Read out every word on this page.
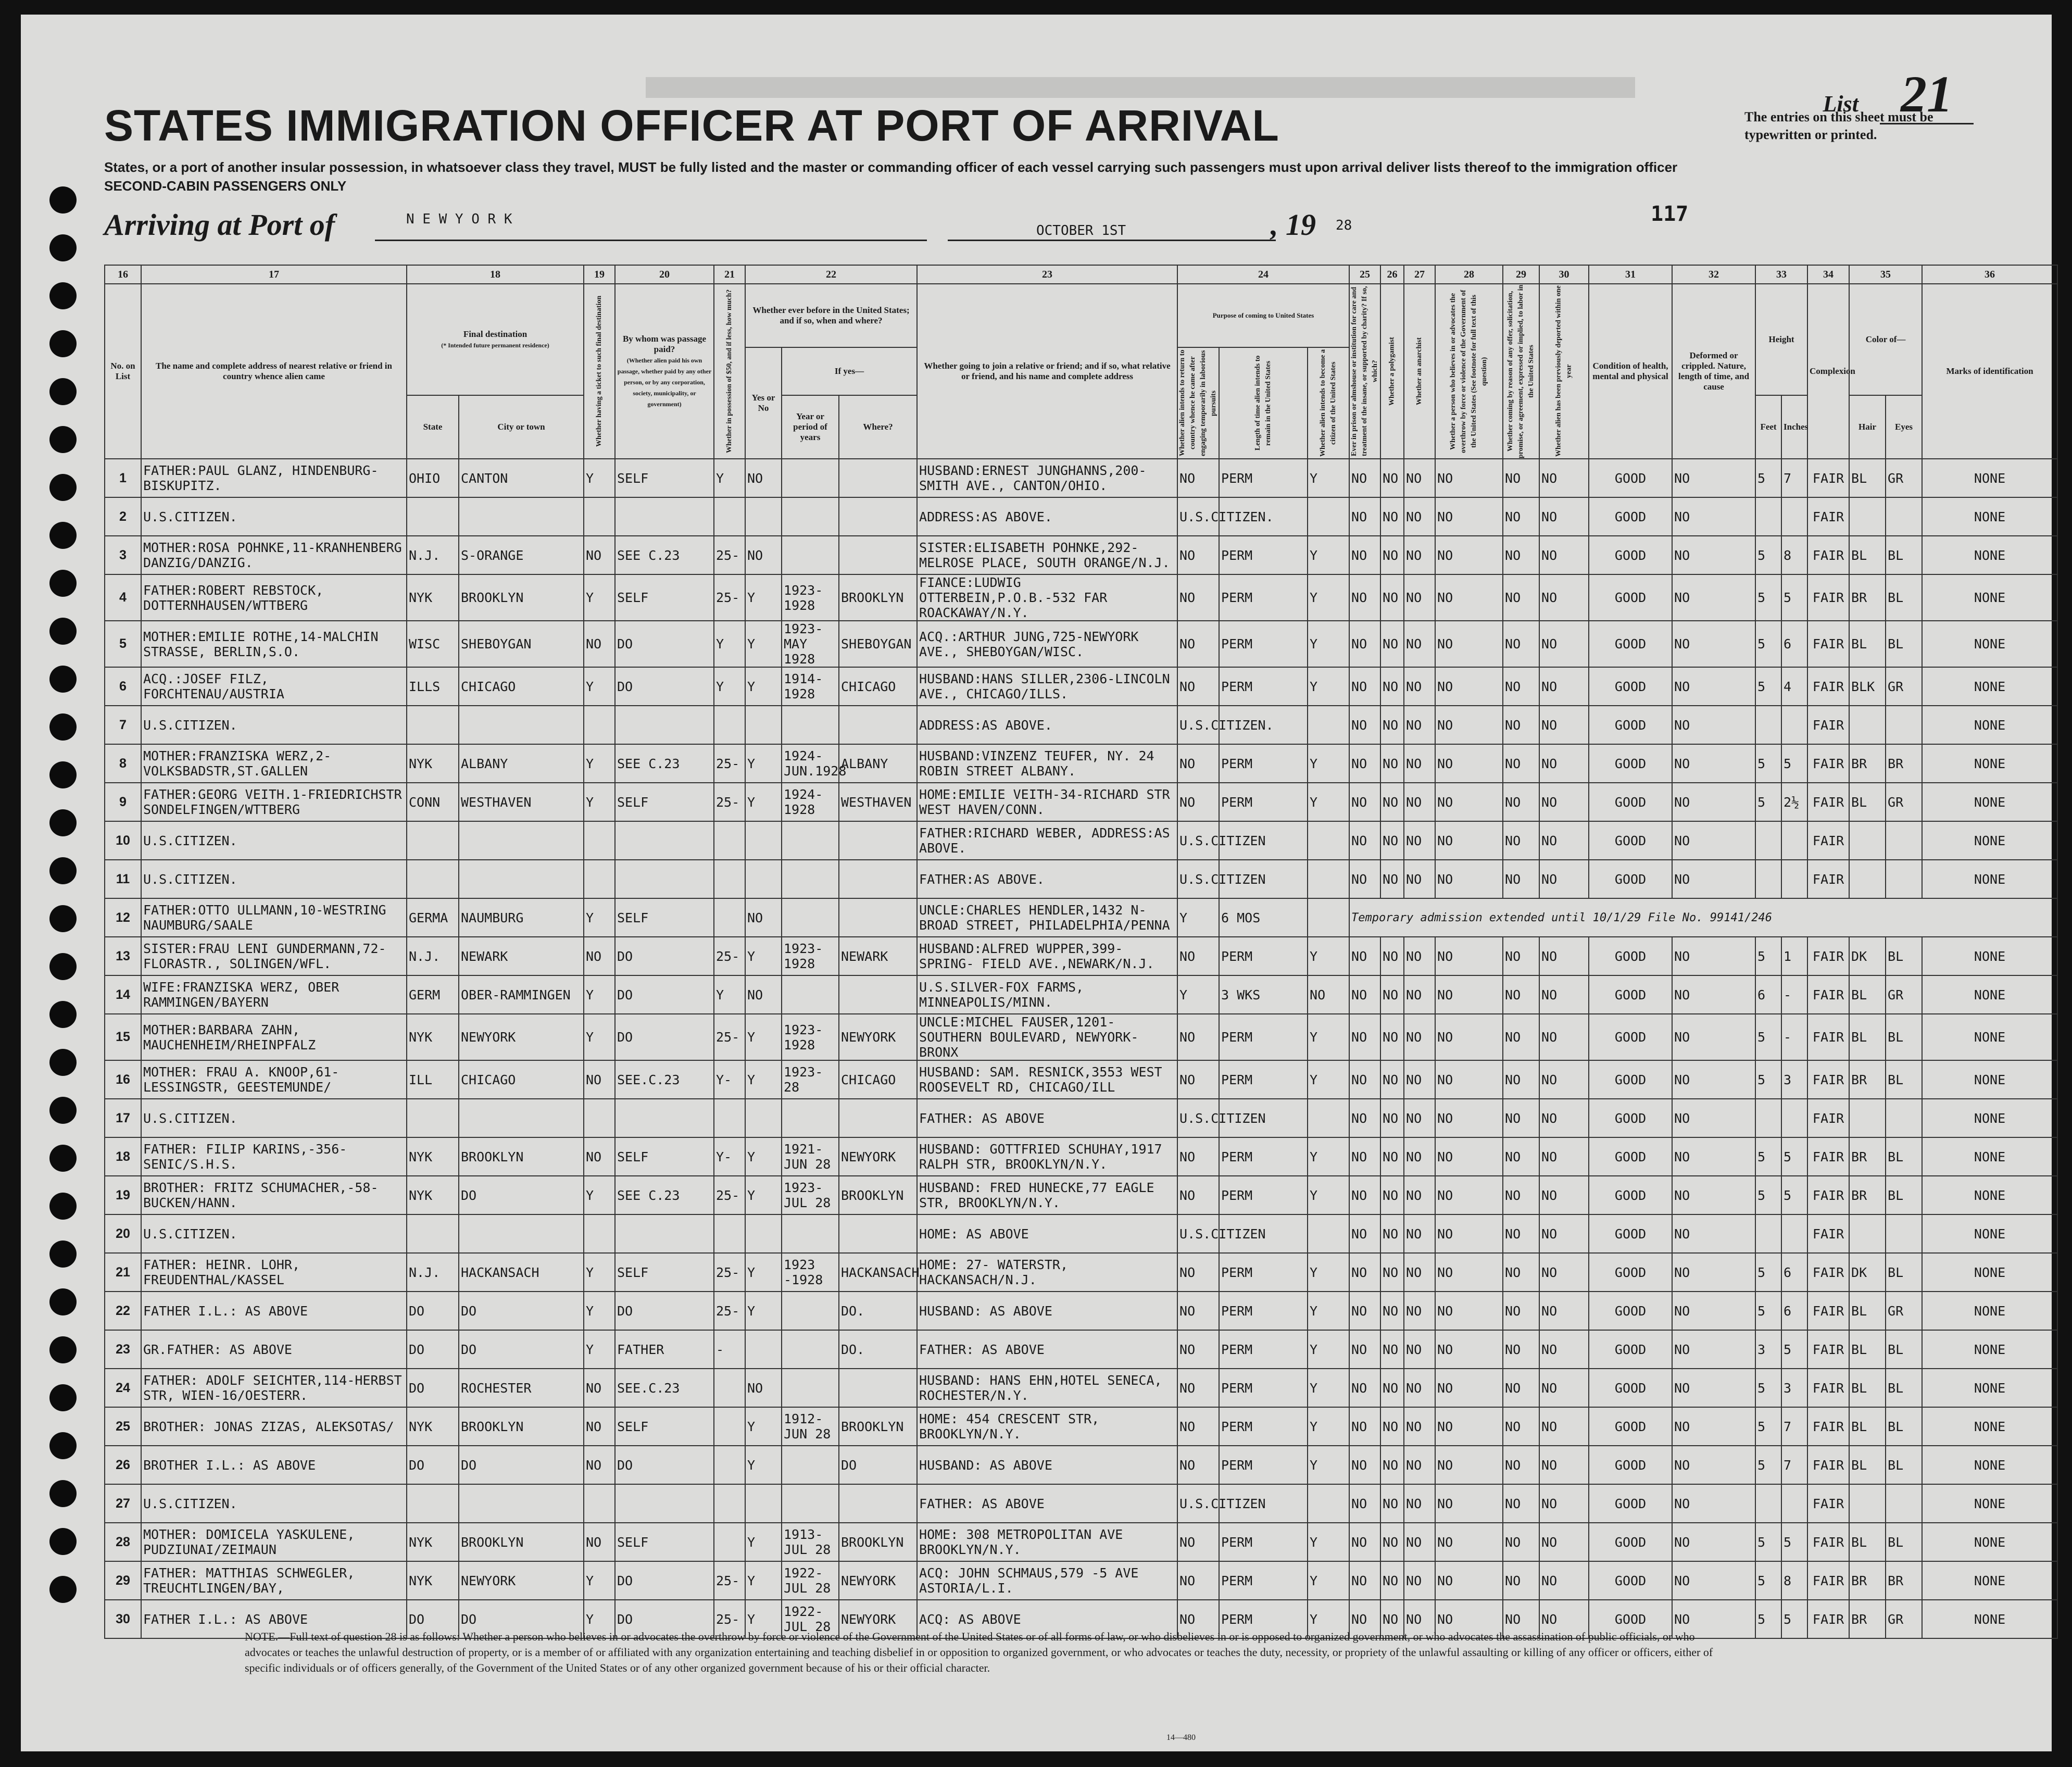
List 21
The entries on this sheet must be typewritten or printed.
STATES IMMIGRATION OFFICER AT PORT OF ARRIVAL
States, or a port of another insular possession, in whatsoever class they travel, MUST be fully listed and the master or commanding officer of each vessel carrying such passengers must upon arrival deliver lists thereof to the immigration officer SECOND-CABIN PASSENGERS ONLY
Arriving at Port of	N E W Y O R K
OCTOBER 1ST	, 19 28	117
16	17	18		19	20	21	22			23	24			25	26	27	28	29	30	31	32	33		34	35		36
No. on List	The name and complete address of nearest relative or friend in country whence alien came	Final destination
(* Intended future permanent residence)		Whether having a ticket to such final destination	By whom was passage paid?
(Whether alien paid his own passage, whether paid by any other person, or by any corporation, society, municipality, or government)	Whether in possession of $50, and if less, how much?	Whether ever before in the United States; and if so, when and where?			Whether going to join a relative or friend; and if so, what relative or friend, and his name and complete address	Purpose of coming to United States			Ever in prison or almshouse or institution for care and treatment of the insane, or supported by charity? If so, which?	Whether a polygamist	Whether an anarchist	Whether a person who believes in or advocates the overthrow by force or violence of the Government of the United States (See footnote for full text of this question)	Whether coming by reason of any offer, solicitation, promise, or agreement, expressed or implied, to labor in the United States	Whether alien has been previously deported within one year	Condition of health, mental and physical	Deformed or crippled. Nature, length of time, and cause	Height		Complexion	Color of—		Marks of identification
							Yes or No	If yes—			Whether alien intends to return to country whence he came after engaging temporarily in laborious pursuits	Length of time alien intends to remain in the United States	Whether alien intends to become a citizen of the United States														
		State	City or town					Year or period of years	Where?													Feet	Inches		Hair	Eyes	
1	FATHER:PAUL GLANZ, HINDENBURG-BISKUPITZ.	OHIO	CANTON	Y	SELF	Y	NO			HUSBAND:ERNEST JUNGHANNS,200-SMITH AVE., CANTON/OHIO.	NO	PERM	Y	NO	NO	NO	NO	NO	NO	GOOD	NO	5	7	FAIR	BL	GR	NONE
2	U.S.CITIZEN.									ADDRESS:AS ABOVE.	U.S.CITIZEN.			NO	NO	NO	NO	NO	NO	GOOD	NO			FAIR			NONE
3	MOTHER:ROSA POHNKE,11-KRANHENBERG DANZIG/DANZIG.	N.J.	S-ORANGE	NO	SEE C.23	25-	NO			SISTER:ELISABETH POHNKE,292-MELROSE PLACE, SOUTH ORANGE/N.J.	NO	PERM	Y	NO	NO	NO	NO	NO	NO	GOOD	NO	5	8	FAIR	BL	BL	NONE
4	FATHER:ROBERT REBSTOCK, DOTTERNHAUSEN/WTTBERG	NYK	BROOKLYN	Y	SELF	25-	Y	1923-1928	BROOKLYN	FIANCE:LUDWIG OTTERBEIN,P.O.B.-532 FAR ROACKAWAY/N.Y.	NO	PERM	Y	NO	NO	NO	NO	NO	NO	GOOD	NO	5	5	FAIR	BR	BL	NONE
5	MOTHER:EMILIE ROTHE,14-MALCHIN STRASSE, BERLIN,S.O.	WISC	SHEBOYGAN	NO	DO	Y	Y	1923-MAY 1928	SHEBOYGAN	ACQ.:ARTHUR JUNG,725-NEWYORK AVE., SHEBOYGAN/WISC.	NO	PERM	Y	NO	NO	NO	NO	NO	NO	GOOD	NO	5	6	FAIR	BL	BL	NONE
6	ACQ.:JOSEF FILZ, FORCHTENAU/AUSTRIA	ILLS	CHICAGO	Y	DO	Y	Y	1914-1928	CHICAGO	HUSBAND:HANS SILLER,2306-LINCOLN AVE., CHICAGO/ILLS.	NO	PERM	Y	NO	NO	NO	NO	NO	NO	GOOD	NO	5	4	FAIR	BLK	GR	NONE
7	U.S.CITIZEN.									ADDRESS:AS ABOVE.	U.S.CITIZEN.			NO	NO	NO	NO	NO	NO	GOOD	NO			FAIR			NONE
8	MOTHER:FRANZISKA WERZ,2- VOLKSBADSTR,ST.GALLEN	NYK	ALBANY	Y	SEE C.23	25-	Y	1924-JUN.1928	ALBANY	HUSBAND:VINZENZ TEUFER, NY. 24 ROBIN STREET ALBANY.	NO	PERM	Y	NO	NO	NO	NO	NO	NO	GOOD	NO	5	5	FAIR	BR	BR	NONE
9	FATHER:GEORG VEITH.1-FRIEDRICHSTR SONDELFINGEN/WTTBERG	CONN	WESTHAVEN	Y	SELF	25-	Y	1924-1928	WESTHAVEN	HOME:EMILIE VEITH-34-RICHARD STR WEST HAVEN/CONN.	NO	PERM	Y	NO	NO	NO	NO	NO	NO	GOOD	NO	5	2½	FAIR	BL	GR	NONE
10	U.S.CITIZEN.									FATHER:RICHARD WEBER, ADDRESS:AS ABOVE.	U.S.CITIZEN			NO	NO	NO	NO	NO	NO	GOOD	NO			FAIR			NONE
11	U.S.CITIZEN.									FATHER:AS ABOVE.	U.S.CITIZEN			NO	NO	NO	NO	NO	NO	GOOD	NO			FAIR			NONE
12	FATHER:OTTO ULLMANN,10-WESTRING NAUMBURG/SAALE	GERMA	NAUMBURG	Y	SELF		NO			UNCLE:CHARLES HENDLER,1432 N-BROAD STREET, PHILADELPHIA/PENNA	Y	6 MOS		Temporary admission extended until 10/1/29 File No. 99141/246													
13	SISTER:FRAU LENI GUNDERMANN,72- FLORASTR., SOLINGEN/WFL.	N.J.	NEWARK	NO	DO	25-	Y	1923-1928	NEWARK	HUSBAND:ALFRED WUPPER,399-SPRING- FIELD AVE.,NEWARK/N.J.	NO	PERM	Y	NO	NO	NO	NO	NO	NO	GOOD	NO	5	1	FAIR	DK	BL	NONE
14	WIFE:FRANZISKA WERZ, OBER RAMMINGEN/BAYERN	GERM	OBER-RAMMINGEN	Y	DO	Y	NO			U.S.SILVER-FOX FARMS, MINNEAPOLIS/MINN.	Y	3 WKS	NO	NO	NO	NO	NO	NO	NO	GOOD	NO	6	-	FAIR	BL	GR	NONE
15	MOTHER:BARBARA ZAHN, MAUCHENHEIM/RHEINPFALZ	NYK	NEWYORK	Y	DO	25-	Y	1923-1928	NEWYORK	UNCLE:MICHEL FAUSER,1201-SOUTHERN BOULEVARD, NEWYORK-BRONX	NO	PERM	Y	NO	NO	NO	NO	NO	NO	GOOD	NO	5	-	FAIR	BL	BL	NONE
16	MOTHER: FRAU A. KNOOP,61-LESSINGSTR, GEESTEMUNDE/	ILL	CHICAGO	NO	SEE.C.23	Y-	Y	1923-28	CHICAGO	HUSBAND: SAM. RESNICK,3553 WEST ROOSEVELT RD, CHICAGO/ILL	NO	PERM	Y	NO	NO	NO	NO	NO	NO	GOOD	NO	5	3	FAIR	BR	BL	NONE
17	U.S.CITIZEN.									FATHER: AS ABOVE	U.S.CITIZEN			NO	NO	NO	NO	NO	NO	GOOD	NO			FAIR			NONE
18	FATHER: FILIP KARINS,-356- SENIC/S.H.S.	NYK	BROOKLYN	NO	SELF	Y-	Y	1921-JUN 28	NEWYORK	HUSBAND: GOTTFRIED SCHUHAY,1917 RALPH STR, BROOKLYN/N.Y.	NO	PERM	Y	NO	NO	NO	NO	NO	NO	GOOD	NO	5	5	FAIR	BR	BL	NONE
19	BROTHER: FRITZ SCHUMACHER,-58- BUCKEN/HANN.	NYK	DO	Y	SEE C.23	25-	Y	1923-JUL 28	BROOKLYN	HUSBAND: FRED HUNECKE,77 EAGLE STR, BROOKLYN/N.Y.	NO	PERM	Y	NO	NO	NO	NO	NO	NO	GOOD	NO	5	5	FAIR	BR	BL	NONE
20	U.S.CITIZEN.									HOME: AS ABOVE	U.S.CITIZEN			NO	NO	NO	NO	NO	NO	GOOD	NO			FAIR			NONE
21	FATHER: HEINR. LOHR, FREUDENTHAL/KASSEL	N.J.	HACKANSACH	Y	SELF	25-	Y	1923 -1928	HACKANSACH	HOME: 27- WATERSTR, HACKANSACH/N.J.	NO	PERM	Y	NO	NO	NO	NO	NO	NO	GOOD	NO	5	6	FAIR	DK	BL	NONE
22	FATHER I.L.: AS ABOVE	DO	DO	Y	DO	25-	Y		DO.	HUSBAND: AS ABOVE	NO	PERM	Y	NO	NO	NO	NO	NO	NO	GOOD	NO	5	6	FAIR	BL	GR	NONE
23	GR.FATHER: AS ABOVE	DO	DO	Y	FATHER	-			DO.	FATHER: AS ABOVE	NO	PERM	Y	NO	NO	NO	NO	NO	NO	GOOD	NO	3	5	FAIR	BL	BL	NONE
24	FATHER: ADOLF SEICHTER,114-HERBST STR, WIEN-16/OESTERR.	DO	ROCHESTER	NO	SEE.C.23		NO			HUSBAND: HANS EHN,HOTEL SENECA, ROCHESTER/N.Y.	NO	PERM	Y	NO	NO	NO	NO	NO	NO	GOOD	NO	5	3	FAIR	BL	BL	NONE
25	BROTHER: JONAS ZIZAS, ALEKSOTAS/	NYK	BROOKLYN	NO	SELF		Y	1912-JUN 28	BROOKLYN	HOME: 454 CRESCENT STR, BROOKLYN/N.Y.	NO	PERM	Y	NO	NO	NO	NO	NO	NO	GOOD	NO	5	7	FAIR	BL	BL	NONE
26	BROTHER I.L.: AS ABOVE	DO	DO	NO	DO		Y		DO	HUSBAND: AS ABOVE	NO	PERM	Y	NO	NO	NO	NO	NO	NO	GOOD	NO	5	7	FAIR	BL	BL	NONE
27	U.S.CITIZEN.									FATHER: AS ABOVE	U.S.CITIZEN			NO	NO	NO	NO	NO	NO	GOOD	NO			FAIR			NONE
28	MOTHER: DOMICELA YASKULENE, PUDZIUNAI/ZEIMAUN	NYK	BROOKLYN	NO	SELF		Y	1913-JUL 28	BROOKLYN	HOME: 308 METROPOLITAN AVE BROOKLYN/N.Y.	NO	PERM	Y	NO	NO	NO	NO	NO	NO	GOOD	NO	5	5	FAIR	BL	BL	NONE
29	FATHER: MATTHIAS SCHWEGLER, TREUCHTLINGEN/BAY,	NYK	NEWYORK	Y	DO	25-	Y	1922-JUL 28	NEWYORK	ACQ: JOHN SCHMAUS,579 -5 AVE ASTORIA/L.I.	NO	PERM	Y	NO	NO	NO	NO	NO	NO	GOOD	NO	5	8	FAIR	BR	BR	NONE
30	FATHER I.L.: AS ABOVE	DO	DO	Y	DO	25-	Y	1922-JUL 28	NEWYORK	ACQ: AS ABOVE	NO	PERM	Y	NO	NO	NO	NO	NO	NO	GOOD	NO	5	5	FAIR	BR	GR	NONE
NOTE.—Full text of question 28 is as follows: Whether a person who believes in or advocates the overthrow by force or violence of the Government of the United States or of all forms of law, or who disbelieves in or is opposed to organized government, or who advocates the assassination of public officials, or who advocates or teaches the unlawful destruction of property, or is a member of or affiliated with any organization entertaining and teaching disbelief in or opposition to organized government, or who advocates or teaches the duty, necessity, or propriety of the unlawful assaulting or killing of any officer or officers, either of specific individuals or of officers generally, of the Government of the United States or of any other organized government because of his or their official character.
14—480
